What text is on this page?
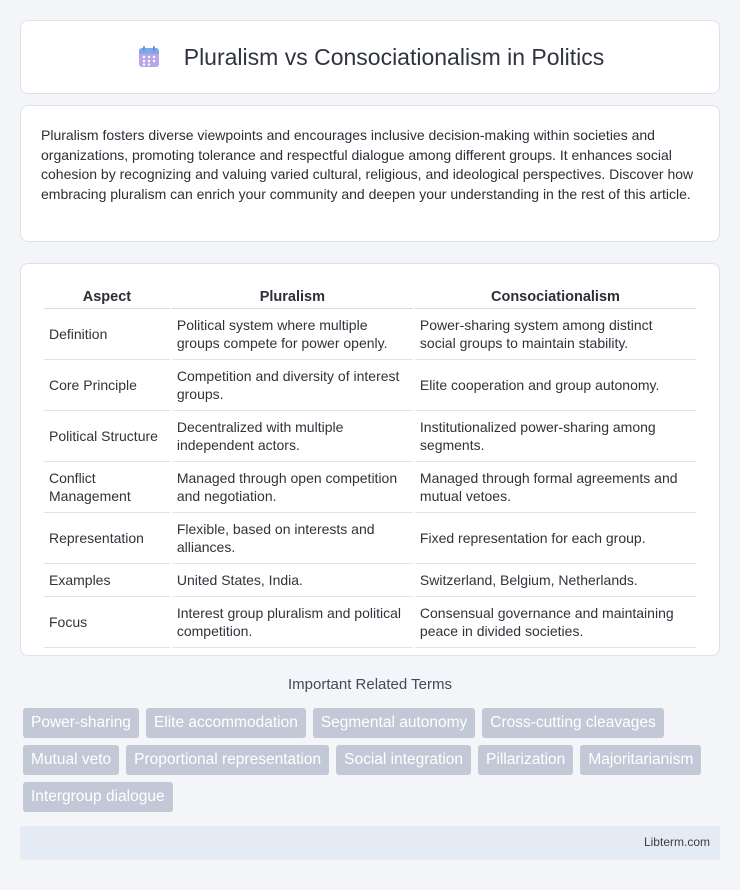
Pluralism vs Consociationalism in Politics

Pluralism fosters diverse viewpoints and encourages inclusive decision-making within societies and organizations, promoting tolerance and respectful dialogue among different groups. It enhances social cohesion by recognizing and valuing varied cultural, religious, and ideological perspectives. Discover how embracing pluralism can enrich your community and deepen your understanding in the rest of this article.

Aspect	Pluralism	Consociationalism
Definition	Political system where multiple groups compete for power openly.	Power-sharing system among distinct social groups to maintain stability.
Core Principle	Competition and diversity of interest groups.	Elite cooperation and group autonomy.
Political Structure	Decentralized with multiple independent actors.	Institutionalized power-sharing among segments.
Conflict Management	Managed through open competition and negotiation.	Managed through formal agreements and mutual vetoes.
Representation	Flexible, based on interests and alliances.	Fixed representation for each group.
Examples	United States, India.	Switzerland, Belgium, Netherlands.
Focus	Interest group pluralism and political competition.	Consensual governance and maintaining peace in divided societies.
Important Related Terms
Power-sharing	Elite accommodation	Segmental autonomy	Cross-cutting cleavages
Mutual veto	Proportional representation	Social integration	Pillarization	Majoritarianism
Intergroup dialogue
Libterm.com
